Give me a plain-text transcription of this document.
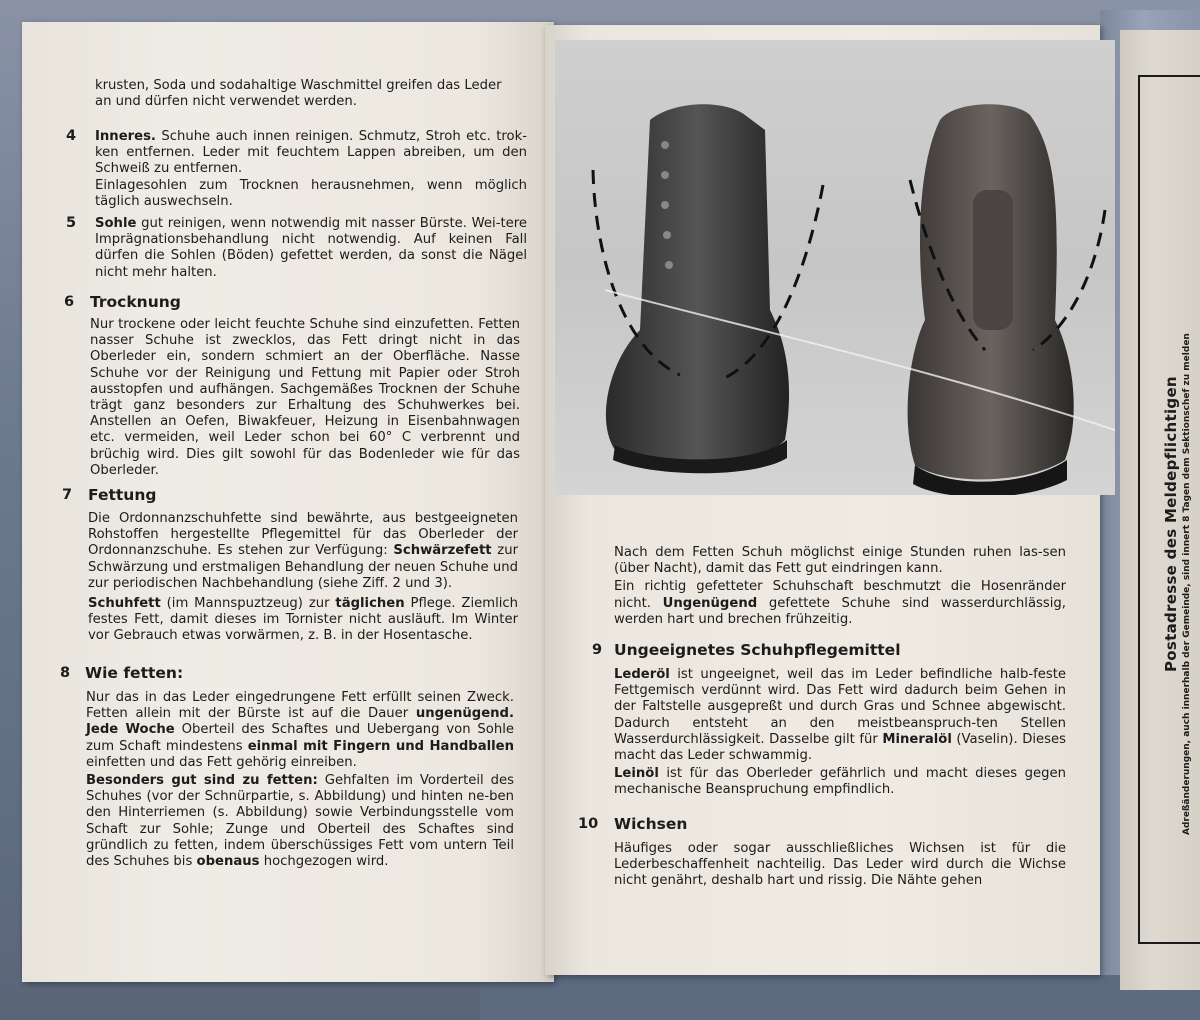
Postadresse des Meldepflichtigen Adreßänderungen, auch innerhalb der Gemeinde, sind innert 8 Tagen dem Sektionschef zu melden

krusten, Soda und sodahaltige Waschmittel greifen das Leder

an und dürfen nicht verwendet werden.

4 Inneres. Schuhe auch innen reinigen. Schmutz, Stroh etc. trok-ken entfernen. Leder mit feuchtem Lappen abreiben, um den Schweiß zu entfernen.

Einlagesohlen zum Trocknen herausnehmen, wenn möglich täglich auswechseln.

5 Sohle gut reinigen, wenn notwendig mit nasser Bürste. Wei-tere Imprägnationsbehandlung nicht notwendig. Auf keinen Fall dürfen die Sohlen (Böden) gefettet werden, da sonst die Nägel nicht mehr halten.

6 Trocknung

Nur trockene oder leicht feuchte Schuhe sind einzufetten. Fetten nasser Schuhe ist zwecklos, das Fett dringt nicht in das Oberleder ein, sondern schmiert an der Oberfläche. Nasse Schuhe vor der Reinigung und Fettung mit Papier oder Stroh ausstopfen und aufhängen. Sachgemäßes Trocknen der Schuhe trägt ganz besonders zur Erhaltung des Schuhwerkes bei. Anstellen an Oefen, Biwakfeuer, Heizung in Eisenbahnwagen etc. vermeiden, weil Leder schon bei 60° C verbrennt und brüchig wird. Dies gilt sowohl für das Bodenleder wie für das Oberleder.

7 Fettung

Die Ordonnanzschuhfette sind bewährte, aus bestgeeigneten Rohstoffen hergestellte Pflegemittel für das Oberleder der Ordonnanzschuhe. Es stehen zur Verfügung: Schwärzefett zur Schwärzung und erstmaligen Behandlung der neuen Schuhe und zur periodischen Nachbehandlung (siehe Ziff. 2 und 3).

Schuhfett (im Mannspuztzeug) zur täglichen Pflege. Ziemlich festes Fett, damit dieses im Tornister nicht ausläuft. Im Winter vor Gebrauch etwas vorwärmen, z. B. in der Hosentasche.

8 Wie fetten:

Nur das in das Leder eingedrungene Fett erfüllt seinen Zweck. Fetten allein mit der Bürste ist auf die Dauer ungenügend. Jede Woche Oberteil des Schaftes und Uebergang von Sohle zum Schaft mindestens einmal mit Fingern und Handballen einfetten und das Fett gehörig einreiben.

Besonders gut sind zu fetten: Gehfalten im Vorderteil des Schuhes (vor der Schnürpartie, s. Abbildung) und hinten ne-ben den Hinterriemen (s. Abbildung) sowie Verbindungsstelle vom Schaft zur Sohle; Zunge und Oberteil des Schaftes sind gründlich zu fetten, indem überschüssiges Fett vom untern Teil des Schuhes bis obenaus hochgezogen wird.

Nach dem Fetten Schuh möglichst einige Stunden ruhen las-sen (über Nacht), damit das Fett gut eindringen kann.

Ein richtig gefetteter Schuhschaft beschmutzt die Hosenränder nicht. Ungenügend gefettete Schuhe sind wasserdurchlässig, werden hart und brechen frühzeitig.

9 Ungeeignetes Schuhpflegemittel

Lederöl ist ungeeignet, weil das im Leder befindliche halb-feste Fettgemisch verdünnt wird. Das Fett wird dadurch beim Gehen in der Faltstelle ausgepreßt und durch Gras und Schnee abgewischt. Dadurch entsteht an den meistbeanspruch-ten Stellen Wasserdurchlässigkeit. Dasselbe gilt für Mineralöl (Vaselin). Dieses macht das Leder schwammig.

Leinöl ist für das Oberleder gefährlich und macht dieses gegen mechanische Beanspruchung empfindlich.

10 Wichsen

Häufiges oder sogar ausschließliches Wichsen ist für die Lederbeschaffenheit nachteilig. Das Leder wird durch die Wichse nicht genährt, deshalb hart und rissig. Die Nähte gehen
